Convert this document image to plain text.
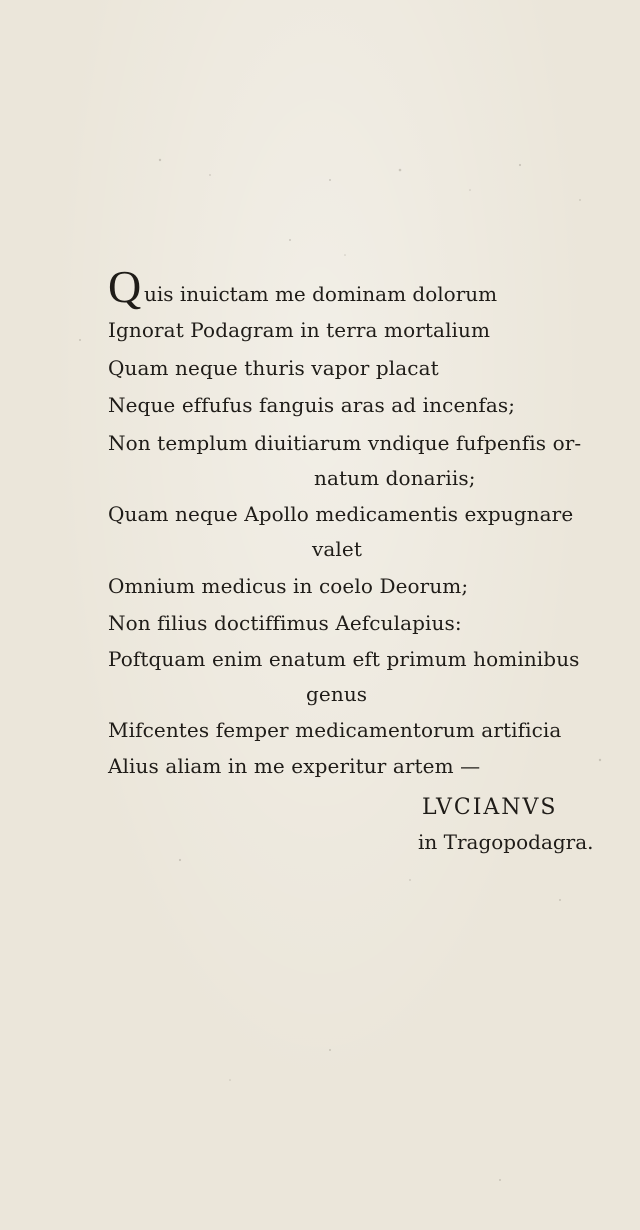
Q uis inuictam me dominam dolorum
Ignorat Podagram in terra mortalium
Quam neque thuris vapor placat
Neque effufus fanguis aras ad incenfas;
Non templum diuitiarum vndique fufpenfis or-
natum donariis;
Quam neque Apollo medicamentis expugnare
valet
Omnium medicus in coelo Deorum;
Non filius doctiffimus Aefculapius:
Poftquam enim enatum eft primum hominibus
genus
Mifcentes femper medicamentorum artificia
Alius aliam in me experitur artem —
LVCIANVS
in Tragopodagra.
